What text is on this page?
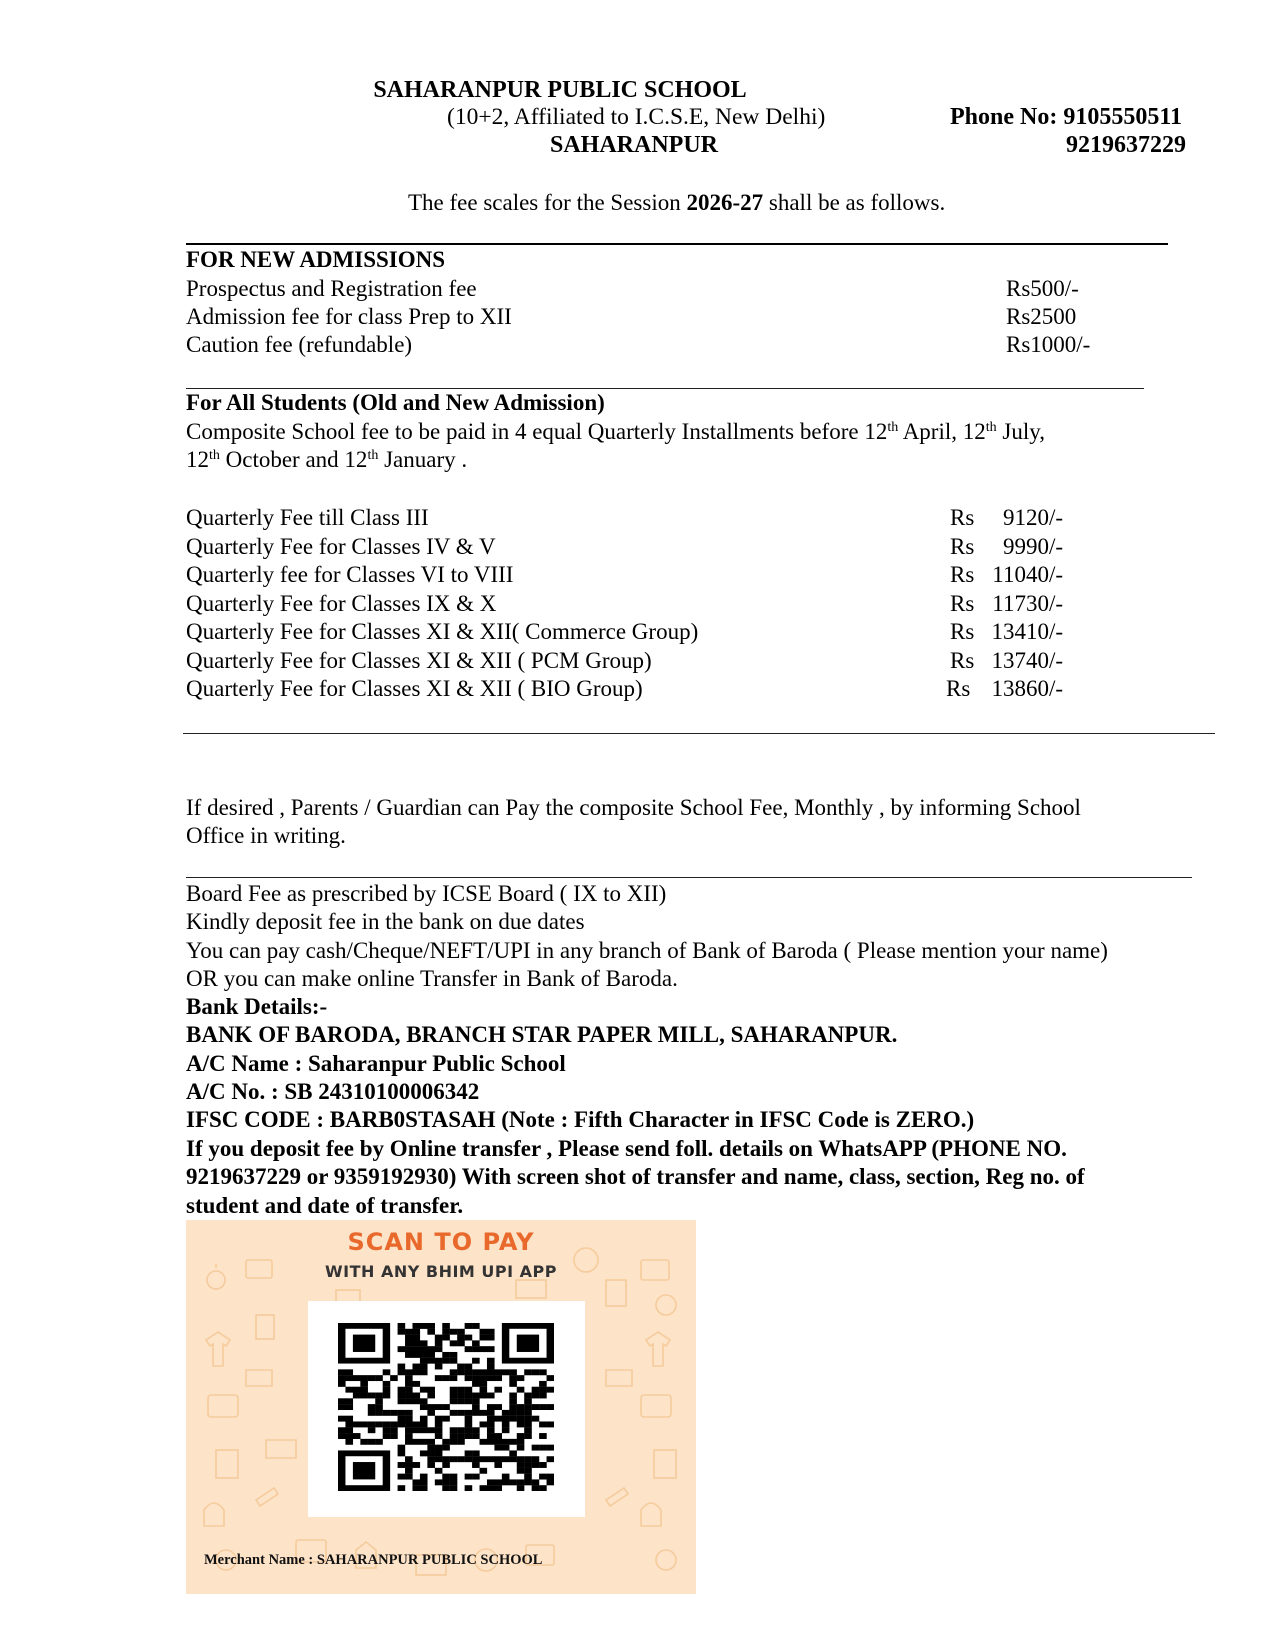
SAHARANPUR PUBLIC SCHOOL
(10+2, Affiliated to I.C.S.E, New Delhi)
SAHARANPUR
Phone No: 9105550511
9219637229
The fee scales for the Session 2026-27 shall be as follows.
FOR NEW ADMISSIONS
Prospectus and Registration fee	Rs500/-
Admission fee for class Prep to XII	Rs2500
Caution fee (refundable)	Rs1000/-
For All Students (Old and New Admission)
Composite School fee to be paid in 4 equal Quarterly Installments before 12th April, 12th July,
12th October and 12th January .
Quarterly Fee till Class III	Rs 9120/-
Quarterly Fee for Classes IV & V	Rs 9990/-
Quarterly fee for Classes VI to VIII	Rs 11040/-
Quarterly Fee for Classes IX & X	Rs 11730/-
Quarterly Fee for Classes XI & XII( Commerce Group)	Rs 13410/-
Quarterly Fee for Classes XI & XII ( PCM Group)	Rs 13740/-
Quarterly Fee for Classes XI & XII ( BIO Group)	Rs 13860/-
If desired , Parents / Guardian can Pay the composite School Fee, Monthly , by informing School
Office in writing.
Board Fee as prescribed by ICSE Board ( IX to XII)
Kindly deposit fee in the bank on due dates
You can pay cash/Cheque/NEFT/UPI in any branch of Bank of Baroda ( Please mention your name)
OR you can make online Transfer in Bank of Baroda.
Bank Details:-
BANK OF BARODA, BRANCH STAR PAPER MILL, SAHARANPUR.
A/C Name : Saharanpur Public School
A/C No. : SB 24310100006342
IFSC CODE : BARB0STASAH (Note : Fifth Character in IFSC Code is ZERO.)
If you deposit fee by Online transfer , Please send foll. details on WhatsAPP (PHONE NO.
9219637229 or 9359192930) With screen shot of transfer and name, class, section, Reg no. of
student and date of transfer.
SCAN TO PAY
WITH ANY BHIM UPI APP
Merchant Name : SAHARANPUR PUBLIC SCHOOL
